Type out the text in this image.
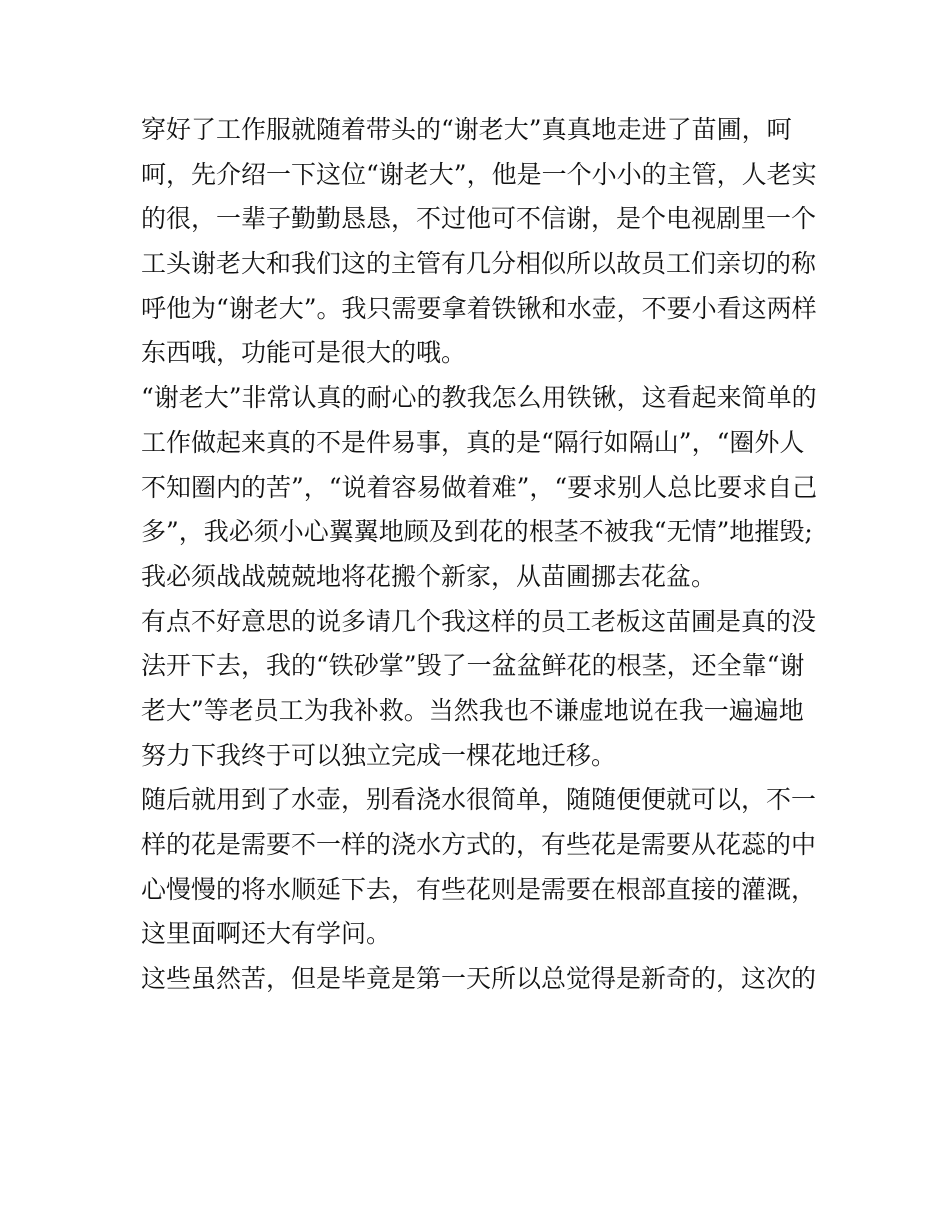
穿好了工作服就随着带头的“谢老大”真真地走进了苗圃，呵
呵，先介绍一下这位“谢老大”，他是一个小小的主管，人老实
的很，一辈子勤勤恳恳，不过他可不信谢，是个电视剧里一个
工头谢老大和我们这的主管有几分相似所以故员工们亲切的称
呼他为“谢老大”。我只需要拿着铁锹和水壶，不要小看这两样
东西哦，功能可是很大的哦。
“谢老大”非常认真的耐心的教我怎么用铁锹，这看起来简单的
工作做起来真的不是件易事，真的是“隔行如隔山”，“圈外人
不知圈内的苦”，“说着容易做着难”，“要求别人总比要求自己
多”，我必须小心翼翼地顾及到花的根茎不被我“无情”地摧毁;
我必须战战兢兢地将花搬个新家，从苗圃挪去花盆。
有点不好意思的说多请几个我这样的员工老板这苗圃是真的没
法开下去，我的“铁砂掌”毁了一盆盆鲜花的根茎，还全靠“谢
老大”等老员工为我补救。当然我也不谦虚地说在我一遍遍地
努力下我终于可以独立完成一棵花地迁移。
随后就用到了水壶，别看浇水很简单，随随便便就可以，不一
样的花是需要不一样的浇水方式的，有些花是需要从花蕊的中
心慢慢的将水顺延下去，有些花则是需要在根部直接的灌溉，
这里面啊还大有学问。
这些虽然苦，但是毕竟是第一天所以总觉得是新奇的，这次的
